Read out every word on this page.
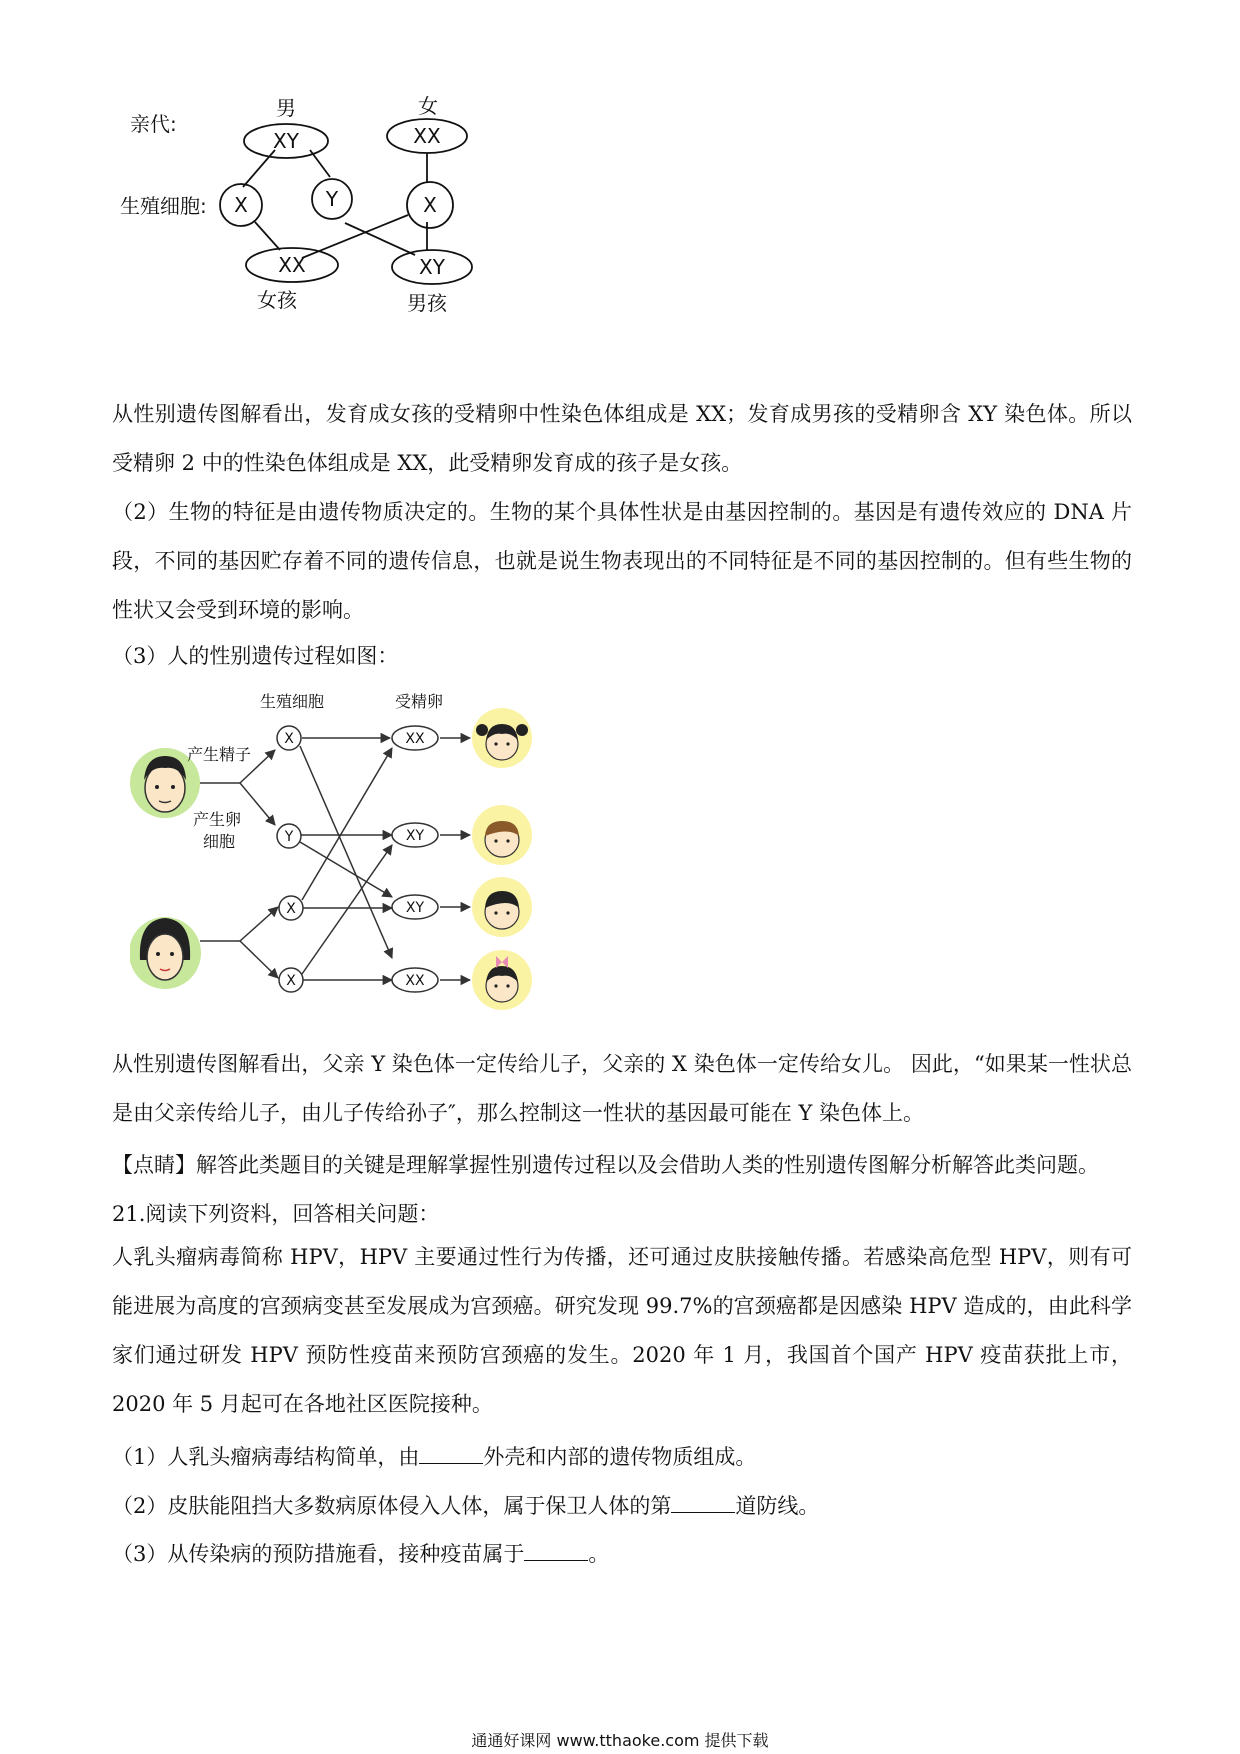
亲代:
生殖细胞:
男	女
XY	XX
X	Y	X
XX	XY
女孩	男孩
从性别遗传图解看出，发育成女孩的受精卵中性染色体组成是 XX；发育成男孩的受精卵含 XY 染色体。所以受精卵 2 中的性染色体组成是 XX，此受精卵发育成的孩子是女孩。
（2）生物的特征是由遗传物质决定的。生物的某个具体性状是由基因控制的。基因是有遗传效应的 DNA 片段，不同的基因贮存着不同的遗传信息，也就是说生物表现出的不同特征是不同的基因控制的。但有些生物的性状又会受到环境的影响。
（3）人的性别遗传过程如图：
生殖细胞	受精卵
产生精子
产生卵
细胞
X
Y
X
X
XX
XY
XY
XX
从性别遗传图解看出，父亲 Y 染色体一定传给儿子，父亲的 X 染色体一定传给女儿。 因此，“如果某一性状总是由父亲传给儿子，由儿子传给孙子″，那么控制这一性状的基因最可能在 Y 染色体上。
【点睛】解答此类题目的关键是理解掌握性别遗传过程以及会借助人类的性别遗传图解分析解答此类问题。
21.阅读下列资料，回答相关问题：
人乳头瘤病毒简称 HPV，HPV 主要通过性行为传播，还可通过皮肤接触传播。若感染高危型 HPV，则有可能进展为高度的宫颈病变甚至发展成为宫颈癌。研究发现 99.7%的宫颈癌都是因感染 HPV 造成的，由此科学家们通过研发 HPV 预防性疫苗来预防宫颈癌的发生。2020 年 1 月，我国首个国产 HPV 疫苗获批上市，2020 年 5 月起可在各地社区医院接种。
（1）人乳头瘤病毒结构简单，由	外壳和内部的遗传物质组成。
（2）皮肤能阻挡大多数病原体侵入人体，属于保卫人体的第	道防线。
（3）从传染病的预防措施看，接种疫苗属于	。
通通好课网 www.tthaoke.com 提供下载
